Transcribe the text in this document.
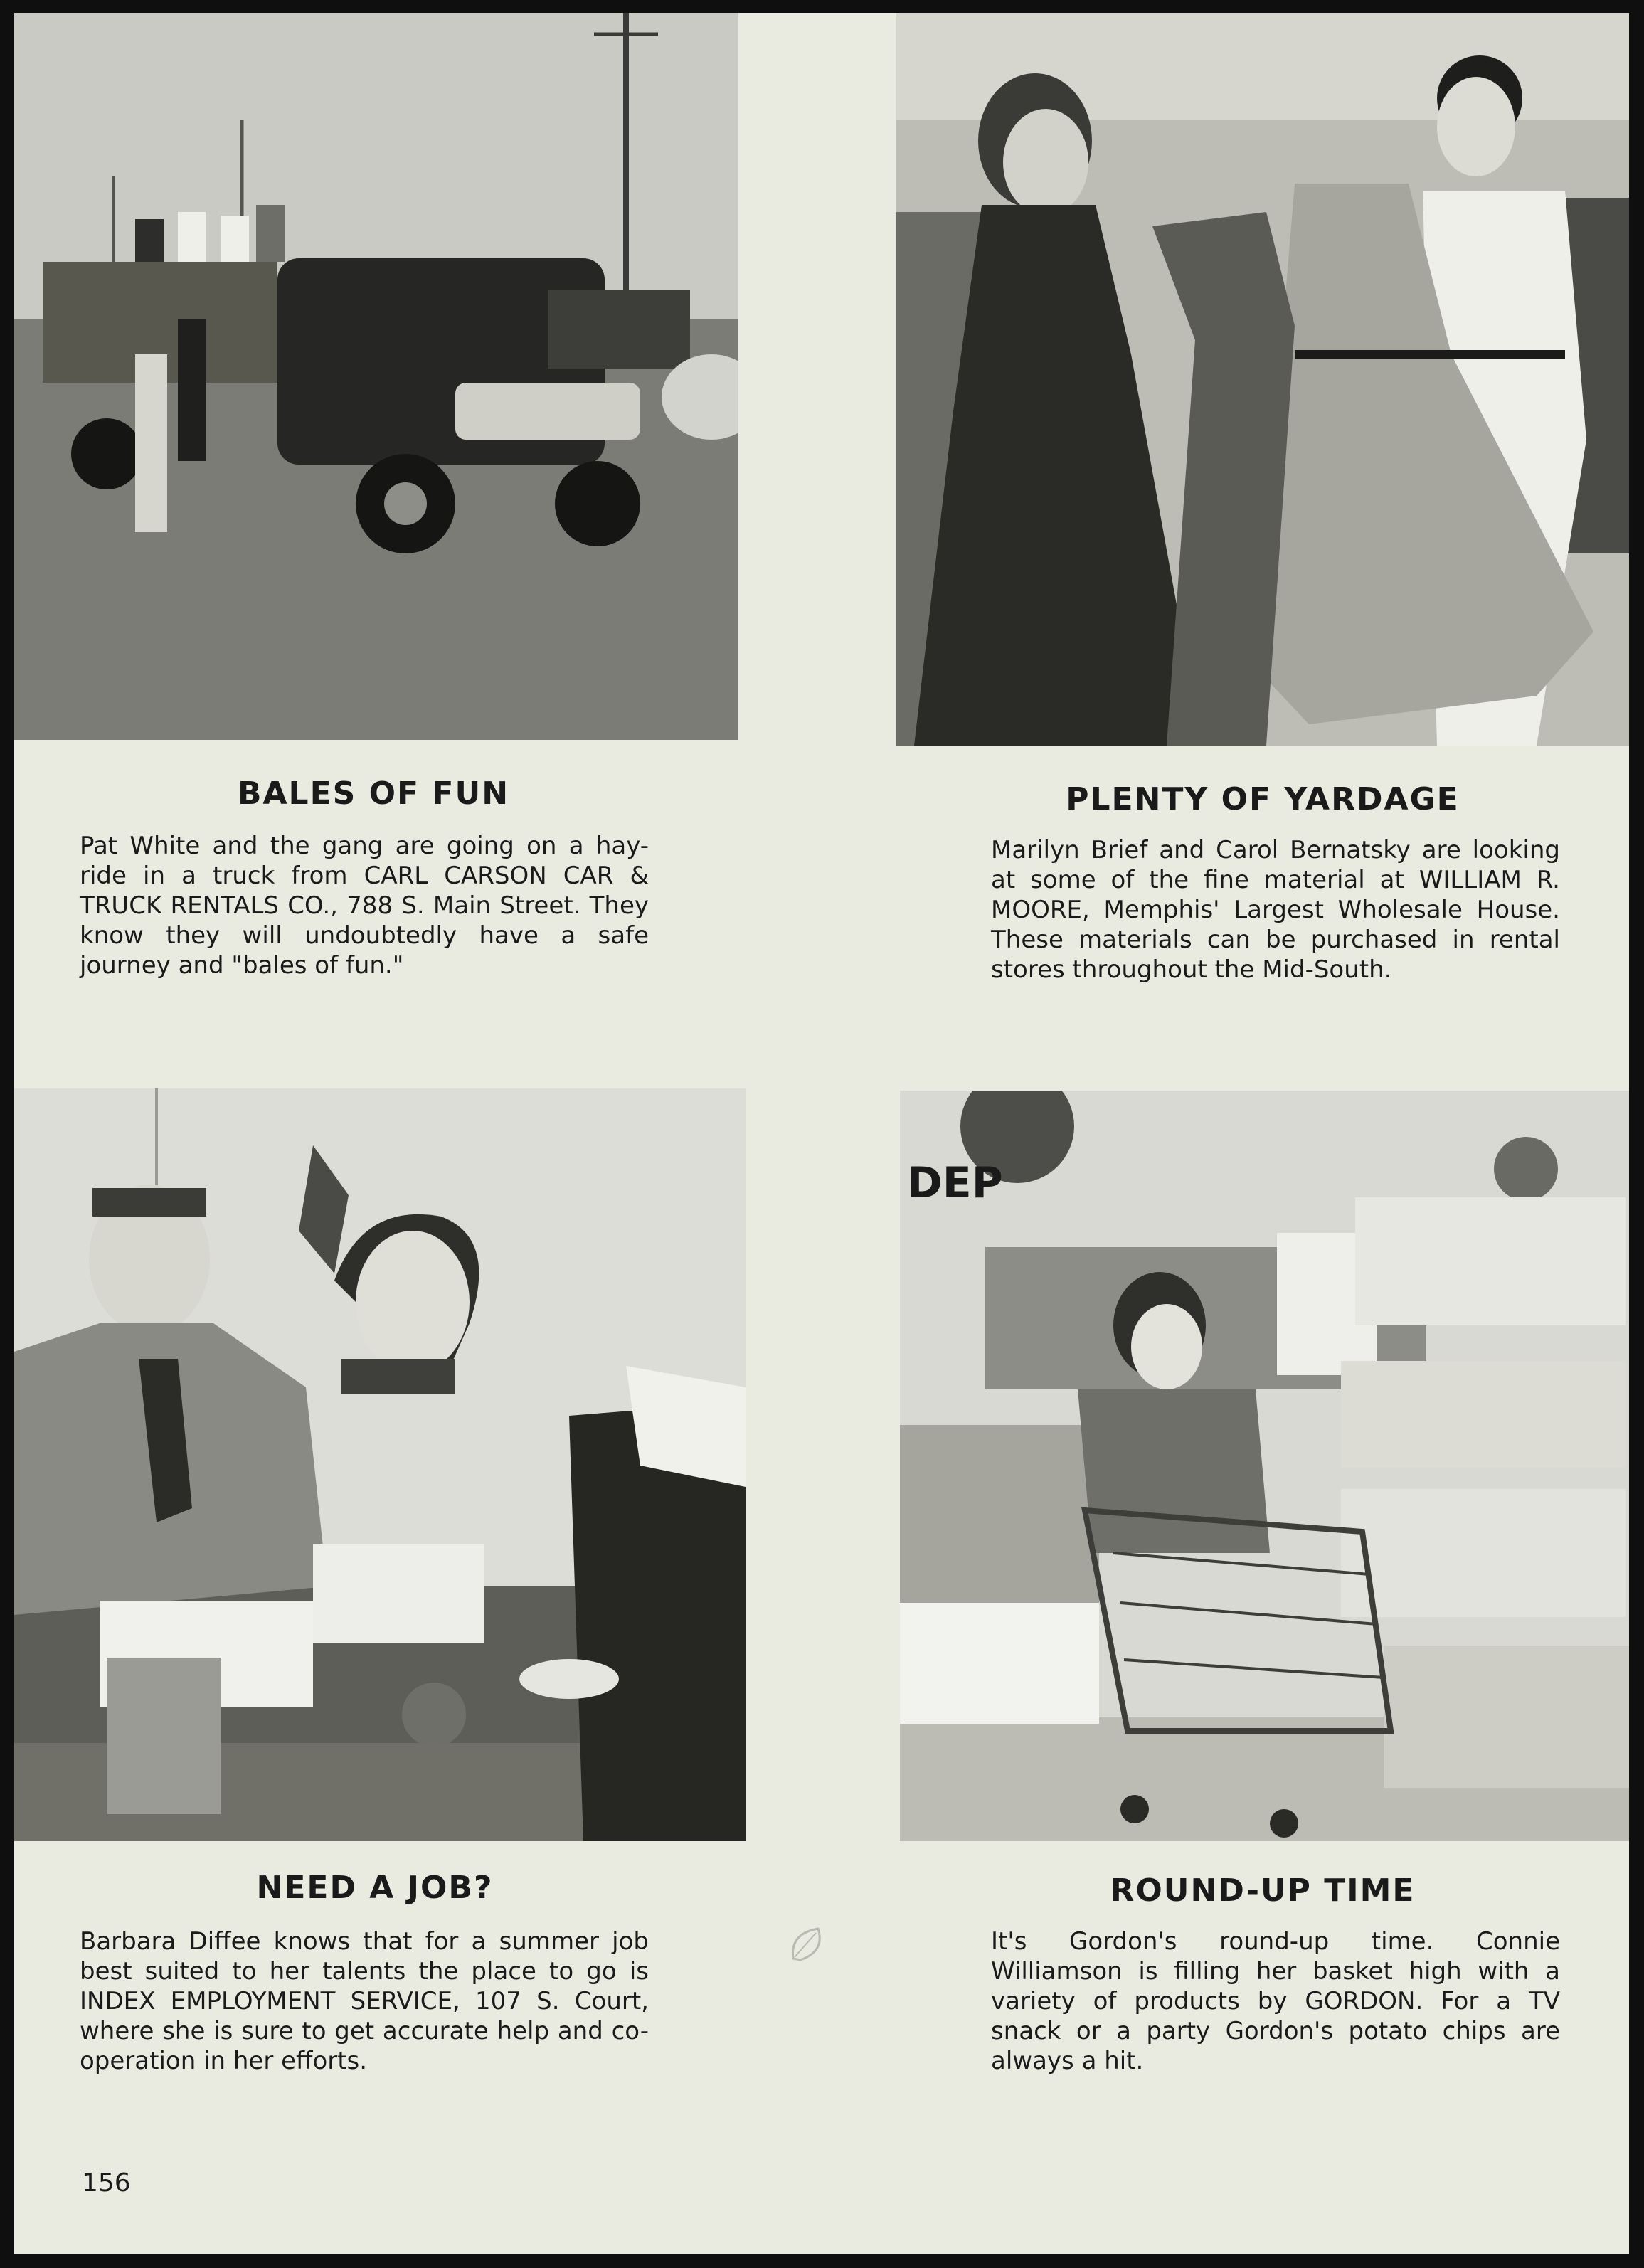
DEP
BALES OF FUN

Pat White and the gang are going on a hay-ride in a truck from CARL CARSON CAR & TRUCK RENTALS CO., 788 S. Main Street. They know they will undoubtedly have a safe journey and "bales of fun."

PLENTY OF YARDAGE

Marilyn Brief and Carol Bernatsky are looking at some of the fine material at WILLIAM R. MOORE, Memphis' Largest Wholesale House. These materials can be purchased in rental stores throughout the Mid-South.

NEED A JOB?

Barbara Diffee knows that for a summer job best suited to her talents the place to go is INDEX EMPLOYMENT SERVICE, 107 S. Court, where she is sure to get accurate help and co-operation in her efforts.

ROUND-UP TIME

It's Gordon's round-up time. Connie Williamson is filling her basket high with a variety of products by GORDON. For a TV snack or a party Gordon's potato chips are always a hit.

156
